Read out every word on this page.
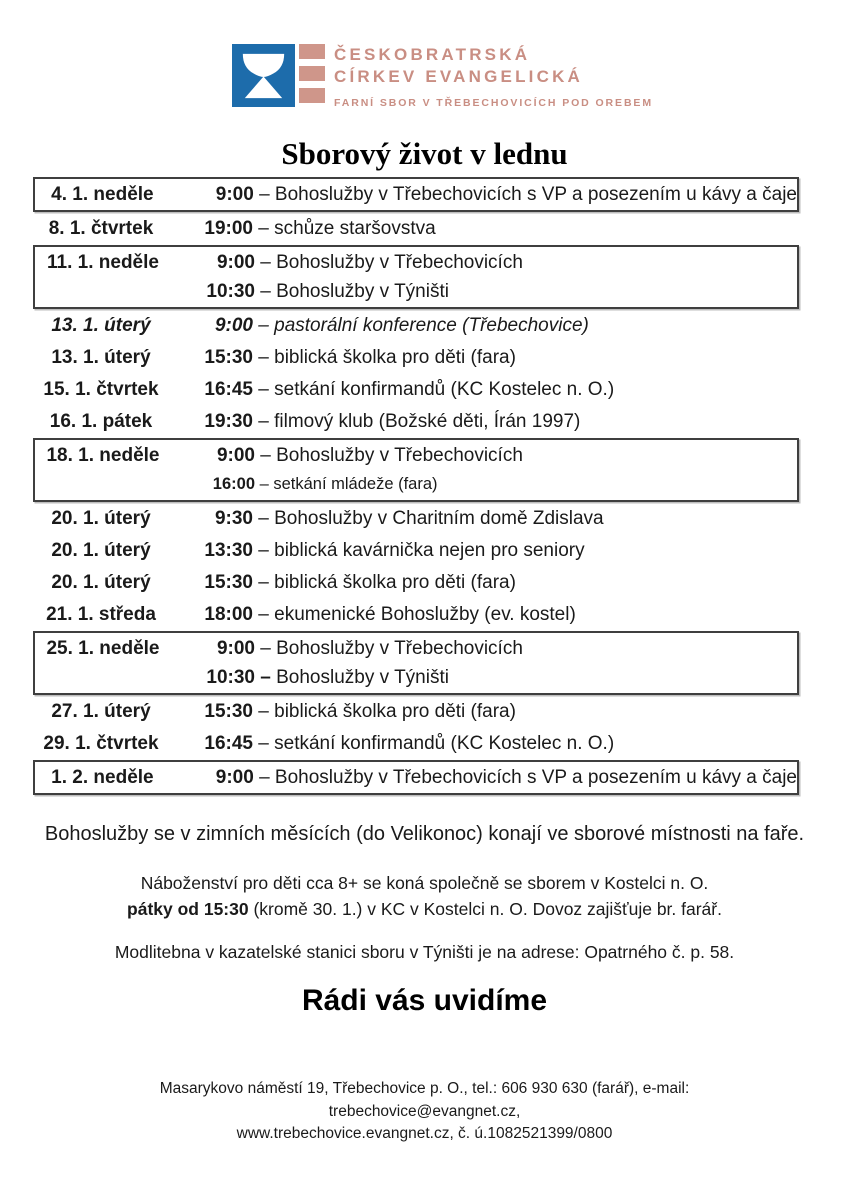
ČESKOBRATRSKÁ
CÍRKEV EVANGELICKÁ
FARNÍ SBOR V TŘEBECHOVICÍCH POD OREBEM
Sborový život v lednu
4. 1. neděle	9:00 – Bohoslužby v Třebechovicích s VP a posezením u kávy a čaje
8. 1. čtvrtek	19:00 – schůze staršovstva
11. 1. neděle	9:00 – Bohoslužby v Třebechovicích
10:30 – Bohoslužby v Týništi
13. 1. úterý	9:00 – pastorální konference (Třebechovice)
13. 1. úterý	15:30 – biblická školka pro děti (fara)
15. 1. čtvrtek	16:45 – setkání konfirmandů (KC Kostelec n. O.)
16. 1. pátek	19:30 – filmový klub (Božské děti, Írán 1997)
18. 1. neděle	9:00 – Bohoslužby v Třebechovicích
16:00 – setkání mládeže (fara)
20. 1. úterý	9:30 – Bohoslužby v Charitním domě Zdislava
20. 1. úterý	13:30 – biblická kavárnička nejen pro seniory
20. 1. úterý	15:30 – biblická školka pro děti (fara)
21. 1. středa	18:00 – ekumenické Bohoslužby (ev. kostel)
25. 1. neděle	9:00 – Bohoslužby v Třebechovicích
10:30 – Bohoslužby v Týništi
27. 1. úterý	15:30 – biblická školka pro děti (fara)
29. 1. čtvrtek	16:45 – setkání konfirmandů (KC Kostelec n. O.)
1. 2. neděle	9:00 – Bohoslužby v Třebechovicích s VP a posezením u kávy a čaje
Bohoslužby se v zimních měsících (do Velikonoc) konají ve sborové místnosti na faře.
Náboženství pro děti cca 8+ se koná společně se sborem v Kostelci n. O.
pátky od 15:30 (kromě 30. 1.) v KC v Kostelci n. O. Dovoz zajišťuje br. farář.
Modlitebna v kazatelské stanici sboru v Týništi je na adrese: Opatrného č. p. 58.
Rádi vás uvidíme
Masarykovo náměstí 19, Třebechovice p. O., tel.: 606 930 630 (farář), e-mail:
trebechovice@evangnet.cz,
www.trebechovice.evangnet.cz, č. ú.1082521399/0800
